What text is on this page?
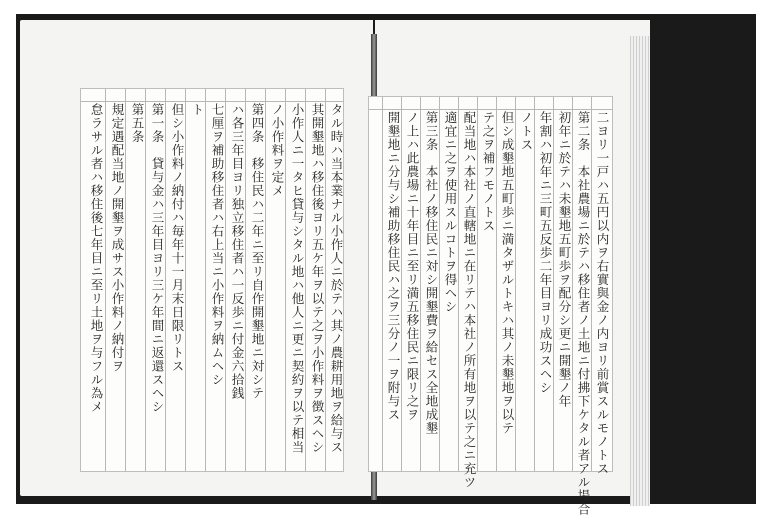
タル時ハ当本業ナル小作人ニ於テハ其ノ農耕用地ヲ給与ス
其開墾地ハ移住後ヨリ五ケ年ヲ以テ之ヲ小作料ヲ徴スヘシ
小作人ニ一タヒ貸与シタル地ハ他人ニ更ニ契約ヲ以テ相当
ノ小作料ヲ定メ
第四条　移住民ハ二年ニ至リ自作開墾地ニ対シテ
ハ各三年目ヨリ独立移住者ハ一反歩ニ付金六拾銭
七厘ヲ補助移住者ハ右上当ニ小作料ヲ納ムヘシ
ト
但シ小作料ノ納付ハ毎年十一月末日限リトス
第一条　貸与金ハ三年目ヨリ三ケ年間ニ返還スヘシ
第五条　
規定遇配当地ノ開墾ヲ成サス小作料ノ納付ヲ
怠ラサル者ハ移住後七年目ニ至リ土地ヲ与フル為メ	二ヨリ一戸ハ五円以内ヲ右實與金ノ内ヨリ前賞スルモノトス
第二条　本社農場ニ於テハ移住者ノ土地ニ付拂下ケタル者アル場合
初年ニ於テハ未墾地五町歩ヲ配分シ更ニ開墾ノ年
年割ハ初年ニ三町五反歩二年目ヨリ成功スヘシ
ノトス
但シ成墾地五町歩ニ満タザルトキハ其ノ未墾地ヲ以テ
テ之ヲ補フモノトス
配当地ハ本社ノ直轄地ニ在リテハ本社ノ所有地ヲ以テ之ニ充ツ
適宜ニ之ヲ使用スルコトヲ得ヘシ
第三条　本社ノ移住民ニ対シ開墾費ヲ給セス全地成墾
ノ上ハ此農場ニ十年目ニ至リ満五移住民ニ限リ之ヲ
開墾地ニ分与シ補助移住民ハ之ヲ三分ノ一ヲ附与ス
